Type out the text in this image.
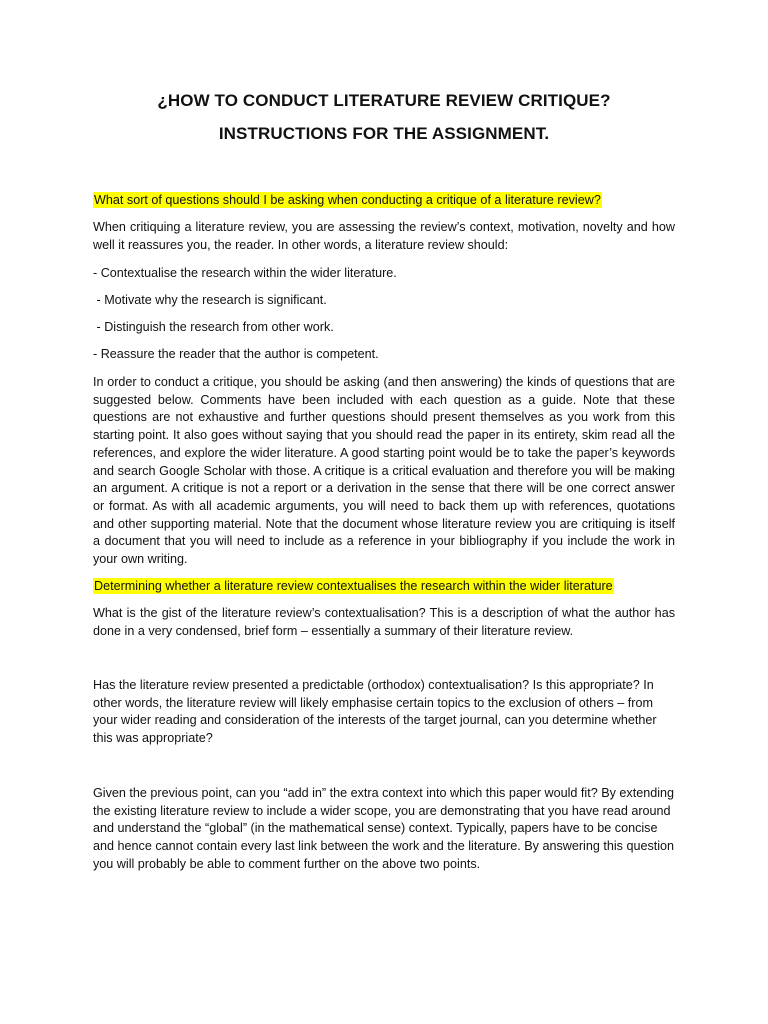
¿HOW TO CONDUCT LITERATURE REVIEW CRITIQUE?
INSTRUCTIONS FOR THE ASSIGNMENT.
What sort of questions should I be asking when conducting a critique of a literature review?
When critiquing a literature review, you are assessing the review’s context, motivation, novelty and how well it reassures you, the reader. In other words, a literature review should:
- Contextualise the research within the wider literature.
- Motivate why the research is significant.
- Distinguish the research from other work.
- Reassure the reader that the author is competent.
In order to conduct a critique, you should be asking (and then answering) the kinds of questions that are suggested below. Comments have been included with each question as a guide. Note that these questions are not exhaustive and further questions should present themselves as you work from this starting point. It also goes without saying that you should read the paper in its entirety, skim read all the references, and explore the wider literature. A good starting point would be to take the paper’s keywords and search Google Scholar with those. A critique is a critical evaluation and therefore you will be making an argument. A critique is not a report or a derivation in the sense that there will be one correct answer or format. As with all academic arguments, you will need to back them up with references, quotations and other supporting material. Note that the document whose literature review you are critiquing is itself a document that you will need to include as a reference in your bibliography if you include the work in your own writing.
Determining whether a literature review contextualises the research within the wider literature
What is the gist of the literature review’s contextualisation? This is a description of what the author has done in a very condensed, brief form – essentially a summary of their literature review.
Has the literature review presented a predictable (orthodox) contextualisation? Is this appropriate? In other words, the literature review will likely emphasise certain topics to the exclusion of others – from your wider reading and consideration of the interests of the target journal, can you determine whether this was appropriate?
Given the previous point, can you “add in” the extra context into which this paper would fit? By extending the existing literature review to include a wider scope, you are demonstrating that you have read around and understand the “global” (in the mathematical sense) context. Typically, papers have to be concise and hence cannot contain every last link between the work and the literature. By answering this question you will probably be able to comment further on the above two points.
